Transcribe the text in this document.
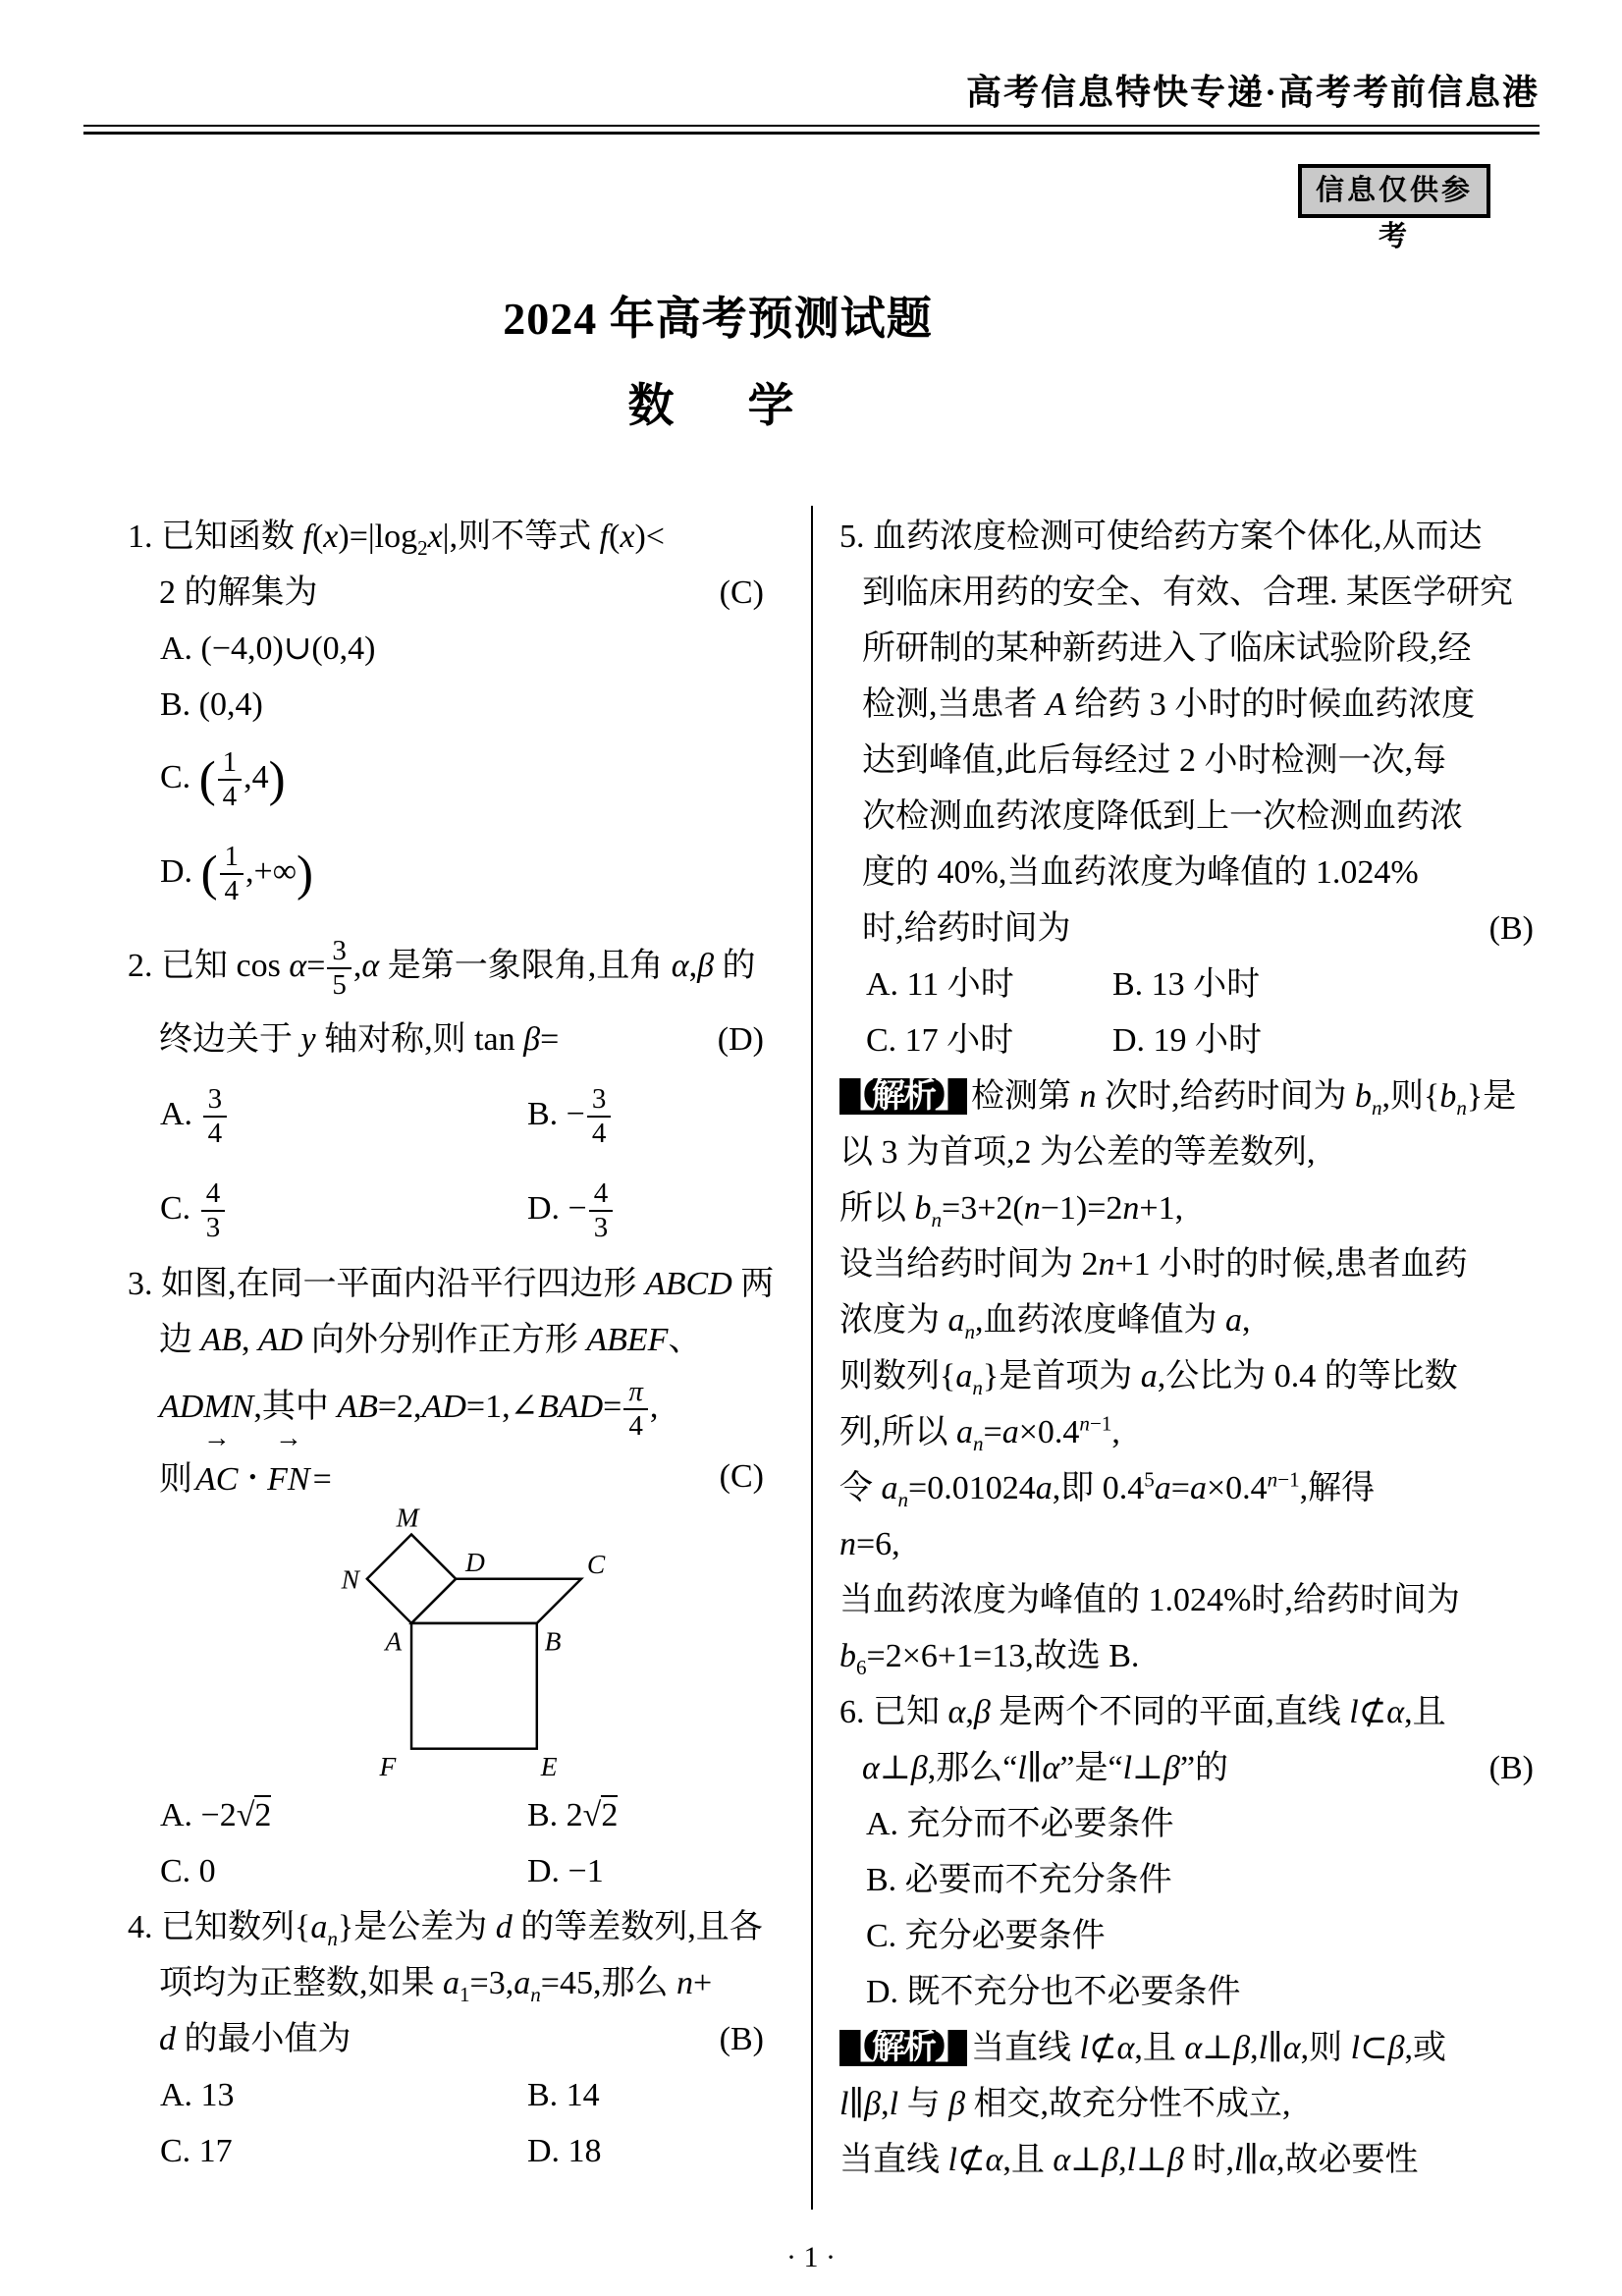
高考信息特快专递·高考考前信息港
信息仅供参考
2024 年高考预测试题
数　学
1. 已知函数 $f(x)=|\log_2x|$,则不等式 f(x)<
2 的解集为	(C)
A. (−4,0)∪(0,4)
B. (0,4)
C. ( $\frac{1}{4} ,4$)
D. ( $\frac{1}{4}$ ,+∞)
2. 已知 $\cos \alpha= \frac{3}{5} ,\alpha$ 是第一象限角,且角 α,β 的
终边关于 y 轴对称,则 tan β=	(D)
A. $\frac{3}{4}$	B. − $\frac{3}{4}$
C. $\frac{4}{3}$	D. − $\frac{4}{3}$
3. 如图,在同一平面内沿平行四边形 ABCD 两
边 AB, AD 向外分别作正方形 ABEF、
ADMN,其中 AB=2,AD=1,∠BAD= $\frac{\pi}{4}$ ,
则AC → • FN →=	(C)
M
N
D	C
A	B
F	E
A. −2√2	B. 2√2
C. 0	D. −1
4. 已知数列$\{a_n\}$是公差为 d 的等差数列,且各
项均为正整数,如果 $a_1=3,a_n=45$,那么 n+
d 的最小值为	(B)
A. 13	B. 14
C. 17	D. 18
5. 血药浓度检测可使给药方案个体化,从而达
到临床用药的安全、有效、合理. 某医学研究
所研制的某种新药进入了临床试验阶段,经
检测,当患者 A 给药 3 小时的时候血药浓度
达到峰值,此后每经过 2 小时检测一次,每
次检测血药浓度降低到上一次检测血药浓
度的 40%,当血药浓度为峰值的 1.024%
时,给药时间为	(B)
A. 11 小时	B. 13 小时
C. 17 小时	D. 19 小时
【解析】 检测第 n 次时,给药时间为 $b_n$,则$\{b_n\}$是
以 3 为首项,2 为公差的等差数列,
所以 $b_n=3+2(n-1)=2n+1$,
设当给药时间为 2n+1 小时的时候,患者血药
浓度为 $a_n$,血药浓度峰值为 a,
则数列$\{a_n\}$是首项为 a,公比为 0.4 的等比数
列,所以 $a_n=a\times 0.4^{n-1}$,
令 $a_n=0.01024a$,即 $0.4^5a=a\times 0.4^{n-1}$,解得
n=6,
当血药浓度为峰值的 1.024%时,给药时间为
$b_6=2\times 6+1=13$,故选 B.
6. 已知 α,β 是两个不同的平面,直线 l⊄α,且
α⊥β,那么“l∥α”是“l⊥β”的	(B)
A. 充分而不必要条件
B. 必要而不充分条件
C. 充分必要条件
D. 既不充分也不必要条件
【解析】 当直线 l⊄α,且 α⊥β,l∥α,则 l⊂β,或
l∥β,l 与 β 相交,故充分性不成立,
当直线 l⊄α,且 α⊥β,l⊥β 时,l∥α,故必要性
· 1 ·
